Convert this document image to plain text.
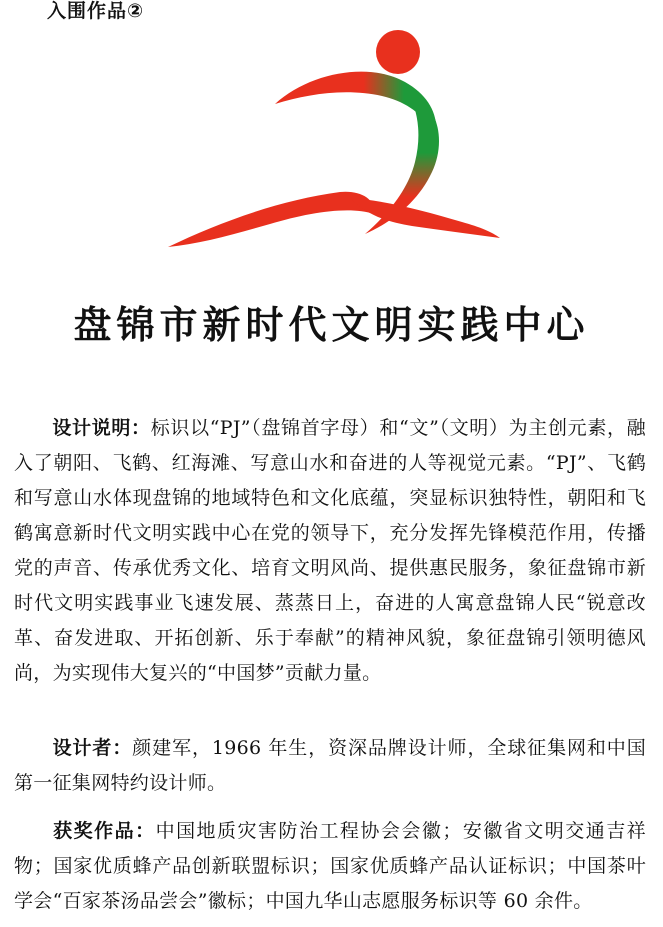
入围作品②
盘锦市新时代文明实践中心

设计说明：标识以“PJ”（盘锦首字母）和“文”（文明）为主创元素，融入了朝阳、飞鹤、红海滩、写意山水和奋进的人等视觉元素。“PJ”、飞鹤和写意山水体现盘锦的地域特色和文化底蕴，突显标识独特性，朝阳和飞鹤寓意新时代文明实践中心在党的领导下，充分发挥先锋模范作用，传播党的声音、传承优秀文化、培育文明风尚、提供惠民服务，象征盘锦市新时代文明实践事业飞速发展、蒸蒸日上，奋进的人寓意盘锦人民“锐意改革、奋发进取、开拓创新、乐于奉献”的精神风貌，象征盘锦引领明德风尚，为实现伟大复兴的“中国梦”贡献力量。

设计者：颜建军，1966 年生，资深品牌设计师，全球征集网和中国第一征集网特约设计师。

获奖作品：中国地质灾害防治工程协会会徽；安徽省文明交通吉祥物；国家优质蜂产品创新联盟标识；国家优质蜂产品认证标识；中国茶叶学会“百家茶汤品尝会”徽标；中国九华山志愿服务标识等 60 余件。
